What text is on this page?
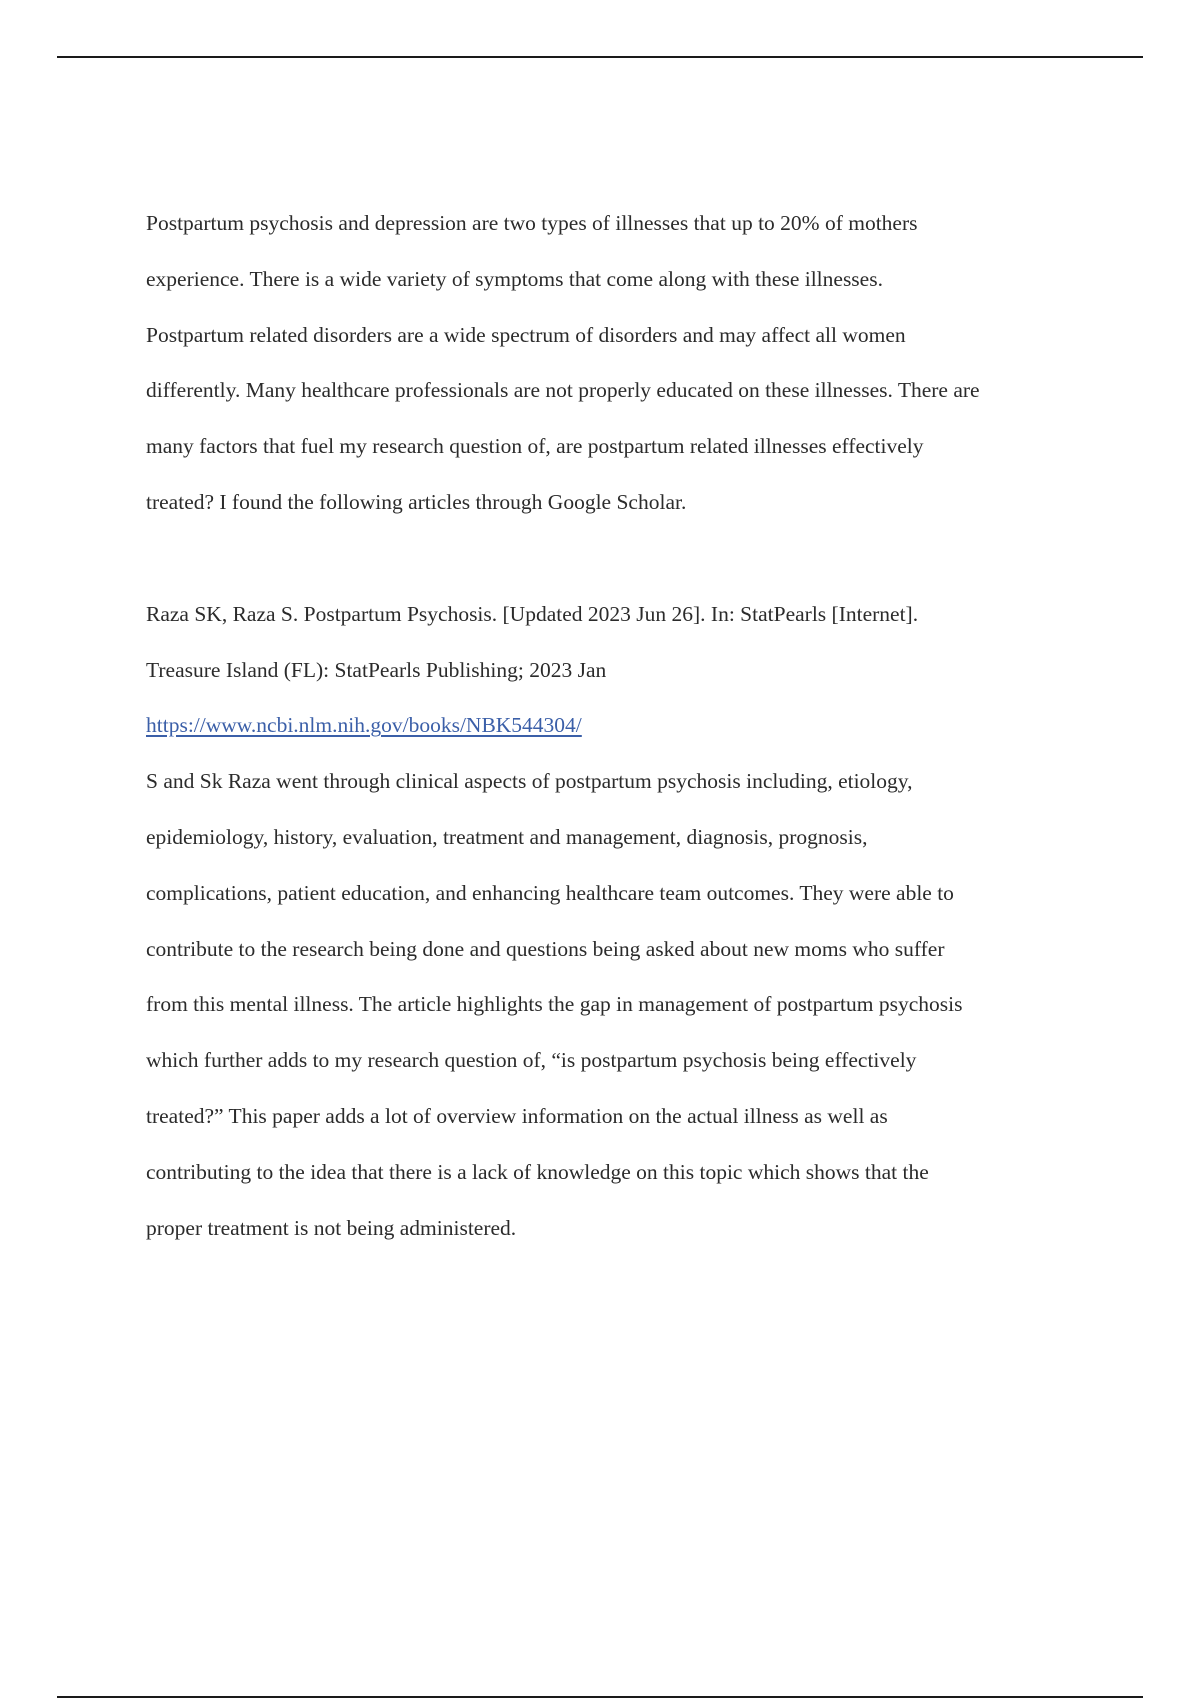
Postpartum psychosis and depression are two types of illnesses that up to 20% of mothers
experience. There is a wide variety of symptoms that come along with these illnesses.
Postpartum related disorders are a wide spectrum of disorders and may affect all women
differently. Many healthcare professionals are not properly educated on these illnesses. There are
many factors that fuel my research question of, are postpartum related illnesses effectively
treated? I found the following articles through Google Scholar.

Raza SK, Raza S. Postpartum Psychosis. [Updated 2023 Jun 26]. In: StatPearls [Internet].
Treasure Island (FL): StatPearls Publishing; 2023 Jan
https://www.ncbi.nlm.nih.gov/books/NBK544304/

S and Sk Raza went through clinical aspects of postpartum psychosis including, etiology,
epidemiology, history, evaluation, treatment and management, diagnosis, prognosis,
complications, patient education, and enhancing healthcare team outcomes. They were able to
contribute to the research being done and questions being asked about new moms who suffer
from this mental illness. The article highlights the gap in management of postpartum psychosis
which further adds to my research question of, “is postpartum psychosis being effectively
treated?” This paper adds a lot of overview information on the actual illness as well as
contributing to the idea that there is a lack of knowledge on this topic which shows that the
proper treatment is not being administered.
